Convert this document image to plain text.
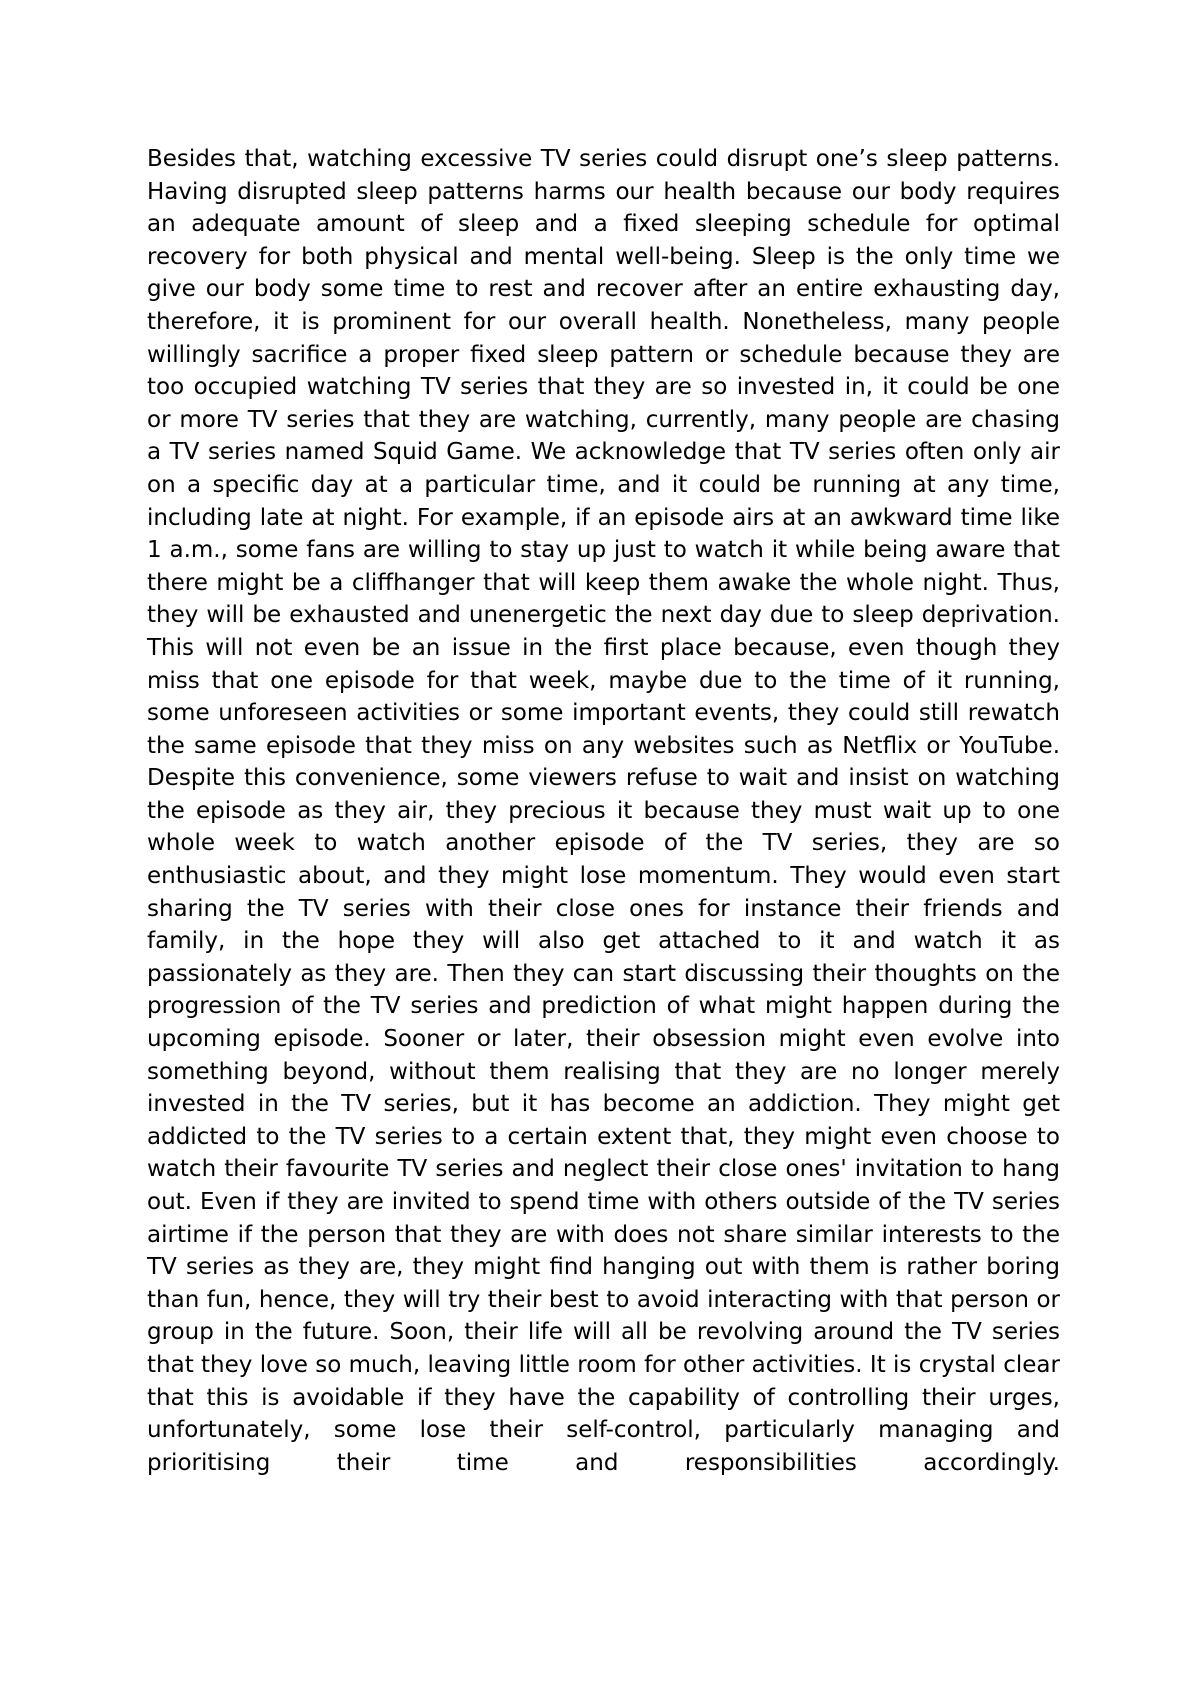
Besides that, watching excessive TV series could disrupt one’s sleep patterns. Having disrupted sleep patterns harms our health because our body requires an adequate amount of sleep and a fixed sleeping schedule for optimal recovery for both physical and mental well-being. Sleep is the only time we give our body some time to rest and recover after an entire exhausting day, therefore, it is prominent for our overall health. Nonetheless, many people willingly sacrifice a proper fixed sleep pattern or schedule because they are too occupied watching TV series that they are so invested in, it could be one or more TV series that they are watching, currently, many people are chasing a TV series named Squid Game. We acknowledge that TV series often only air on a specific day at a particular time, and it could be running at any time, including late at night. For example, if an episode airs at an awkward time like 1 a.m., some fans are willing to stay up just to watch it while being aware that there might be a cliffhanger that will keep them awake the whole night. Thus, they will be exhausted and unenergetic the next day due to sleep deprivation. This will not even be an issue in the first place because, even though they miss that one episode for that week, maybe due to the time of it running, some unforeseen activities or some important events, they could still rewatch the same episode that they miss on any websites such as Netflix or YouTube. Despite this convenience, some viewers refuse to wait and insist on watching the episode as they air, they precious it because they must wait up to one whole week to watch another episode of the TV series, they are so enthusiastic about, and they might lose momentum. They would even start sharing the TV series with their close ones for instance their friends and family, in the hope they will also get attached to it and watch it as passionately as they are. Then they can start discussing their thoughts on the progression of the TV series and prediction of what might happen during the upcoming episode. Sooner or later, their obsession might even evolve into something beyond, without them realising that they are no longer merely invested in the TV series, but it has become an addiction. They might get addicted to the TV series to a certain extent that, they might even choose to watch their favourite TV series and neglect their close ones' invitation to hang out. Even if they are invited to spend time with others outside of the TV series airtime if the person that they are with does not share similar interests to the TV series as they are, they might find hanging out with them is rather boring than fun, hence, they will try their best to avoid interacting with that person or group in the future. Soon, their life will all be revolving around the TV series that they love so much, leaving little room for other activities. It is crystal clear that this is avoidable if they have the capability of controlling their urges, unfortunately, some lose their self-control, particularly managing and prioritising their time and responsibilities accordingly.
